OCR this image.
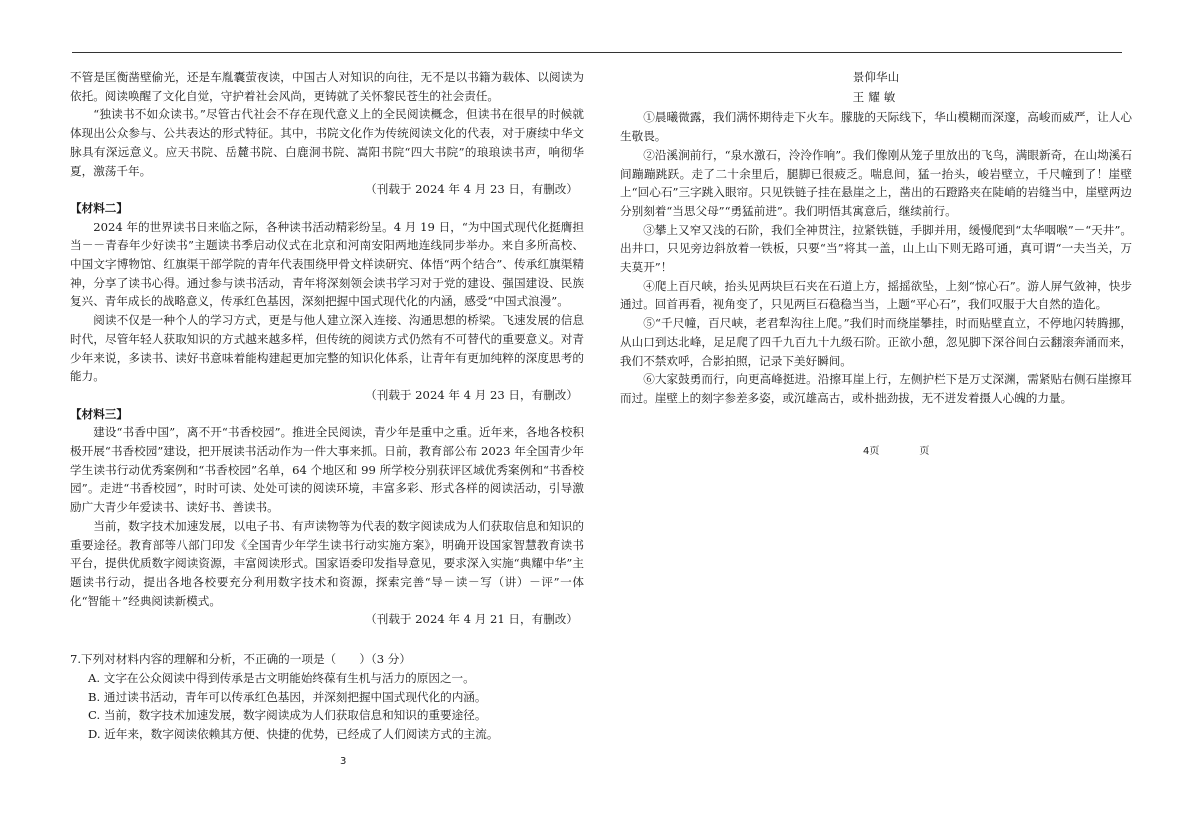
不管是匡衡凿壁偷光，还是车胤囊萤夜读，中国古人对知识的向往，无不是以书籍为载体、以阅读为依托。阅读唤醒了文化自觉，守护着社会风尚，更铸就了关怀黎民苍生的社会责任。

“独读书不如众读书。”尽管古代社会不存在现代意义上的全民阅读概念，但读书在很早的时候就体现出公众参与、公共表达的形式特征。其中，书院文化作为传统阅读文化的代表，对于赓续中华文脉具有深远意义。应天书院、岳麓书院、白鹿洞书院、嵩阳书院“四大书院”的琅琅读书声，响彻华夏，激荡千年。

（刊载于 2024 年 4 月 23 日，有删改）

【材料二】

2024 年的世界读书日来临之际，各种读书活动精彩纷呈。4 月 19 日，“为中国式现代化挺膺担当－－青春年少好读书”主题读书季启动仪式在北京和河南安阳两地连线同步举办。来自多所高校、中国文字博物馆、红旗渠干部学院的青年代表围绕甲骨文样读研究、体悟“两个结合”、传承红旗渠精神，分享了读书心得。通过参与读书活动，青年将深刻领会读书学习对于党的建设、强国建设、民族复兴、青年成长的战略意义，传承红色基因，深刻把握中国式现代化的内涵，感受“中国式浪漫”。

阅读不仅是一种个人的学习方式，更是与他人建立深入连接、沟通思想的桥梁。飞速发展的信息时代，尽管年轻人获取知识的方式越来越多样，但传统的阅读方式仍然有不可替代的重要意义。对青少年来说，多读书、读好书意味着能构建起更加完整的知识化体系，让青年有更加纯粹的深度思考的能力。

（刊载于 2024 年 4 月 23 日，有删改）

【材料三】

建设“书香中国”，离不开“书香校园”。推进全民阅读，青少年是重中之重。近年来，各地各校积极开展“书香校园”建设，把开展读书活动作为一件大事来抓。日前，教育部公布 2023 年全国青少年学生读书行动优秀案例和“书香校园”名单，64 个地区和 99 所学校分别获评区域优秀案例和“书香校园”。走进“书香校园”，时时可读、处处可读的阅读环境，丰富多彩、形式各样的阅读活动，引导激励广大青少年爱读书、读好书、善读书。

当前，数字技术加速发展，以电子书、有声读物等为代表的数字阅读成为人们获取信息和知识的重要途径。教育部等八部门印发《全国青少年学生读书行动实施方案》，明确开设国家智慧教育读书平台，提供优质数字阅读资源，丰富阅读形式。国家语委印发指导意见，要求深入实施“典耀中华”主题读书行动，提出各地各校要充分利用数字技术和资源，探索完善“导－读－写（讲）－评”一体化“智能＋”经典阅读新模式。

（刊载于 2024 年 4 月 21 日，有删改）

7.下列对材料内容的理解和分析，不正确的一项是（　　）（3 分）

A. 文字在公众阅读中得到传承是古文明能始终葆有生机与活力的原因之一。

B. 通过读书活动，青年可以传承红色基因，并深刻把握中国式现代化的内涵。

C. 当前，数字技术加速发展，数字阅读成为人们获取信息和知识的重要途径。

D. 近年来，数字阅读依赖其方便、快捷的优势，已经成了人们阅读方式的主流。

3

景仰华山

王耀敏

①晨曦微露，我们满怀期待走下火车。朦胧的天际线下，华山模糊而深邃，高峻而威严，让人心生敬畏。

②沿溪涧前行，“泉水激石，泠泠作响”。我们像刚从笼子里放出的飞鸟，满眼新奇，在山坳溪石间蹦蹦跳跃。走了二十余里后，腿脚已很疲乏。喘息间，猛一抬头，峻岩壁立，千尺幢到了！崖壁上“回心石”三字跳入眼帘。只见铁链子挂在悬崖之上，凿出的石蹬路夹在陡峭的岩缝当中，崖壁两边分别刻着“当思父母”“勇猛前进”。我们明悟其寓意后，继续前行。

③攀上又窄又浅的石阶，我们全神贯注，拉紧铁链，手脚并用，缓慢爬到“太华咽喉”－“天井”。出井口，只见旁边斜放着一铁板，只要“当”将其一盖，山上山下则无路可通，真可谓“一夫当关，万夫莫开”！

④爬上百尺峡，抬头见两块巨石夹在石道上方，摇摇欲坠，上刻“惊心石”。游人屏气敛神，快步通过。回首再看，视角变了，只见两巨石稳稳当当，上题“平心石”，我们叹服于大自然的造化。

⑤“千尺幢，百尺峡，老君犁沟往上爬。”我们时而绕崖攀挂，时而贴壁直立，不停地闪转腾挪，从山口到达北峰，足足爬了四千九百九十九级石阶。正欲小憩，忽见脚下深谷间白云翻滚奔涌而来，我们不禁欢呼，合影拍照，记录下美好瞬间。

⑥大家鼓勇而行，向更高峰挺进。沿擦耳崖上行，左侧护栏下是万丈深渊，需紧贴右侧石崖擦耳而过。崖壁上的刻字参差多姿，或沉雄高古，或朴拙劲拔，无不迸发着摄人心魄的力量。

4页	页
